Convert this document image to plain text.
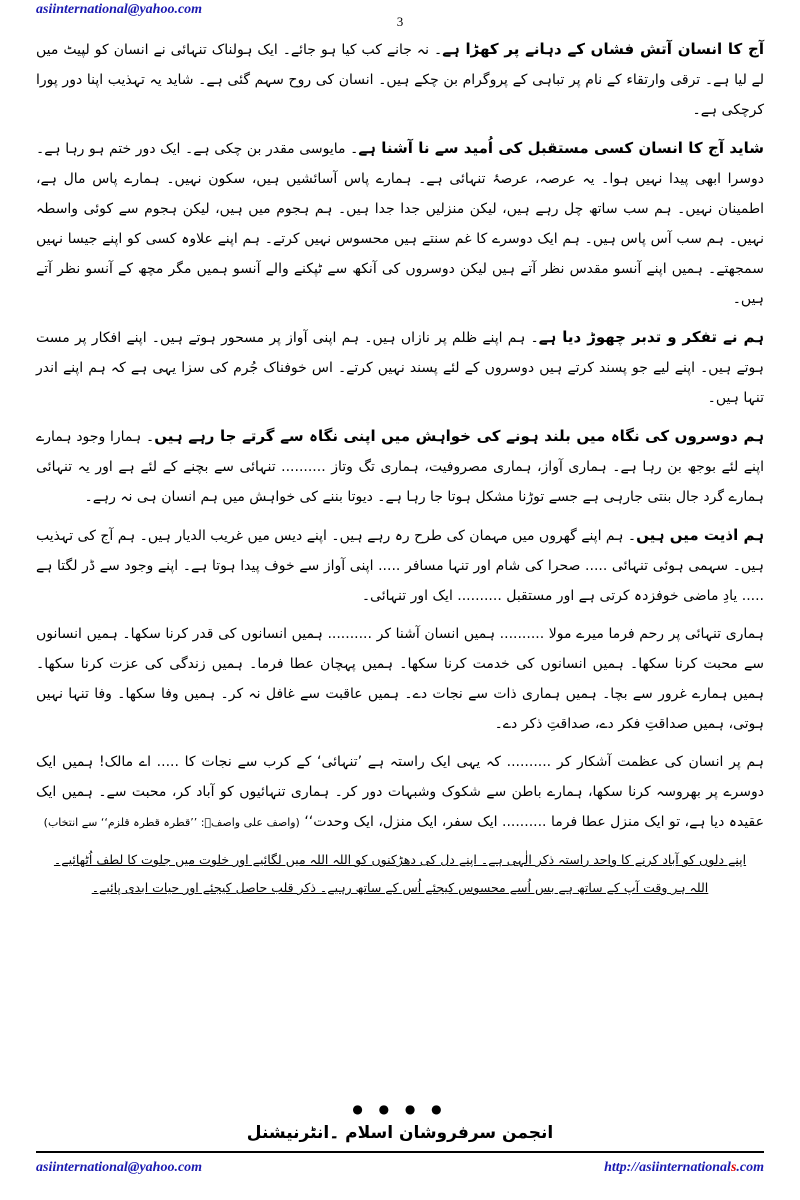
asiinternational@yahoo.com
3

آج کا انسان آتش فشاں کے دہانے پر کھڑا ہے۔ نہ جانے کب کیا ہو جائے۔ ایک ہولناک تنہائی نے انسان کو لپیٹ میں لے لیا ہے۔ ترقی وارتقاء کے نام پر تباہی کے پروگرام بن چکے ہیں۔ انسان کی روح سہم گئی ہے۔ شاید یہ تہذیب اپنا دور پورا کرچکی ہے۔

شاید آج کا انسان کسی مستقبل کی اُمید سے نا آشنا ہے۔ مایوسی مقدر بن چکی ہے۔ ایک دور ختم ہو رہا ہے۔ دوسرا ابھی پیدا نہیں ہوا۔ یہ عرصہ، عرصۂ تنہائی ہے۔ ہمارے پاس آسائشیں ہیں، سکون نہیں۔ ہمارے پاس مال ہے، اطمینان نہیں۔ ہم سب ساتھ چل رہے ہیں، لیکن منزلیں جدا جدا ہیں۔ ہم ہجوم میں ہیں، لیکن ہجوم سے کوئی واسطہ نہیں۔ ہم سب آس پاس ہیں۔ ہم ایک دوسرے کا غم سنتے ہیں محسوس نہیں کرتے۔ ہم اپنے علاوہ کسی کو اپنے جیسا نہیں سمجھتے۔ ہمیں اپنے آنسو مقدس نظر آتے ہیں لیکن دوسروں کی آنکھ سے ٹپکنے والے آنسو ہمیں مگر مچھ کے آنسو نظر آتے ہیں۔

ہم نے تفکر و تدبر چھوڑ دیا ہے۔ ہم اپنے ظلم پر نازاں ہیں۔ ہم اپنی آواز پر مسحور ہوتے ہیں۔ اپنے افکار پر مست ہوتے ہیں۔ اپنے لیے جو پسند کرتے ہیں دوسروں کے لئے پسند نہیں کرتے۔ اس خوفناک جُرم کی سزا یہی ہے کہ ہم اپنے اندر تنہا ہیں۔

ہم دوسروں کی نگاہ میں بلند ہونے کی خواہش میں اپنی نگاہ سے گرتے جا رہے ہیں۔ ہمارا وجود ہمارے اپنے لئے بوجھ بن رہا ہے۔ ہماری آواز، ہماری مصروفیت، ہماری تگ وتاز .......... تنہائی سے بچنے کے لئے ہے اور یہ تنہائی ہمارے گرد جال بنتی جارہی ہے جسے توڑنا مشکل ہوتا جا رہا ہے۔ دیوتا بننے کی خواہش میں ہم انسان ہی نہ رہے۔

ہم اذیت میں ہیں۔ ہم اپنے گھروں میں مہمان کی طرح رہ رہے ہیں۔ اپنے دیس میں غریب الدیار ہیں۔ ہم آج کی تہذیب ہیں۔ سہمی ہوئی تنہائی ..... صحرا کی شام اور تنہا مسافر ..... اپنی آواز سے خوف پیدا ہوتا ہے۔ اپنے وجود سے ڈر لگتا ہے ..... یادِ ماضی خوفزدہ کرتی ہے اور مستقبل .......... ایک اور تنہائی۔

ہماری تنہائی پر رحم فرما میرے مولا .......... ہمیں انسان آشنا کر .......... ہمیں انسانوں کی قدر کرنا سکھا۔ ہمیں انسانوں سے محبت کرنا سکھا۔ ہمیں انسانوں کی خدمت کرنا سکھا۔ ہمیں پہچان عطا فرما۔ ہمیں زندگی کی عزت کرنا سکھا۔ ہمیں ہمارے غرور سے بچا۔ ہمیں ہماری ذات سے نجات دے۔ ہمیں عاقبت سے غافل نہ کر۔ ہمیں وفا سکھا۔ وفا تنہا نہیں ہوتی، ہمیں صداقتِ فکر دے، صداقتِ ذکر دے۔

ہم پر انسان کی عظمت آشکار کر .......... کہ یہی ایک راستہ ہے ’تنہائی‘ کے کرب سے نجات کا ..... اے مالک! ہمیں ایک دوسرے پر بھروسہ کرنا سکھا، ہمارے باطن سے شکوک وشبہات دور کر۔ ہماری تنہائیوں کو آباد کر، محبت سے۔ ہمیں ایک عقیدہ دیا ہے، تو ایک منزل عطا فرما .......... ایک سفر، ایک منزل، ایک وحدت‘‘ (واصف علی واصفؒ: ’’قطرہ قطرہ قلزم‘‘ سے انتخاب)

اپنے دلوں کو آباد کرنے کا واحد راستہ ذکر الٰہی ہے۔ اپنے دل کی دھڑکنوں کو اللہ اللہ میں لگائیے اور خلوت میں جلوت کا لطف اُٹھائیے۔

اللہ ہر وقت آپ کے ساتھ ہے بس اُسے محسوس کیجئے اُس کے ساتھ رہیے۔ ذکر قلب حاصل کیجئے اور حیات ابدی پائیے۔

● ● ● ●
انجمن سرفروشان اسلام ۔انٹرنیشنل
asiinternational@yahoo.com	http://asiinternationals.com
